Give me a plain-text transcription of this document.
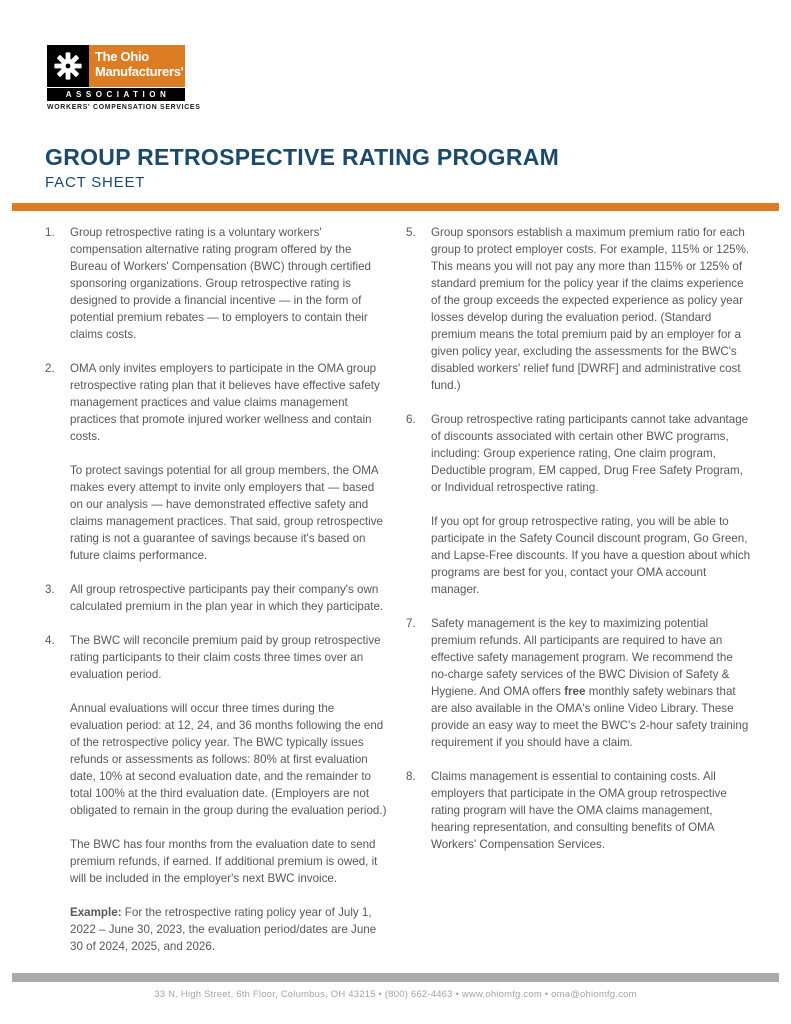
The Ohio
Manufacturers'
ASSOCIATION
WORKERS' COMPENSATION SERVICES
GROUP RETROSPECTIVE RATING PROGRAM
FACT SHEET
1.	Group retrospective rating is a voluntary workers' compensation alternative rating program offered by the Bureau of Workers' Compensation (BWC) through certified sponsoring organizations. Group retrospective rating is designed to provide a financial incentive — in the form of potential premium rebates — to employers to contain their claims costs.

2.	OMA only invites employers to participate in the OMA group retrospective rating plan that it believes have effective safety management practices and value claims management practices that promote injured worker wellness and contain costs.

To protect savings potential for all group members, the OMA makes every attempt to invite only employers that — based on our analysis — have demonstrated effective safety and claims management practices. That said, group retrospective rating is not a guarantee of savings because it's based on future claims performance.

3.	All group retrospective participants pay their company's own calculated premium in the plan year in which they participate.

4.	The BWC will reconcile premium paid by group retrospective rating participants to their claim costs three times over an evaluation period.

Annual evaluations will occur three times during the evaluation period: at 12, 24, and 36 months following the end of the retrospective policy year. The BWC typically issues refunds or assessments as follows: 80% at first evaluation date, 10% at second evaluation date, and the remainder to total 100% at the third evaluation date. (Employers are not obligated to remain in the group during the evaluation period.)

The BWC has four months from the evaluation date to send premium refunds, if earned. If additional premium is owed, it will be included in the employer's next BWC invoice.

Example: For the retrospective rating policy year of July 1, 2022 – June 30, 2023, the evaluation period/dates are June 30 of 2024, 2025, and 2026.

5.	Group sponsors establish a maximum premium ratio for each group to protect employer costs. For example, 115% or 125%. This means you will not pay any more than 115% or 125% of standard premium for the policy year if the claims experience of the group exceeds the expected experience as policy year losses develop during the evaluation period. (Standard premium means the total premium paid by an employer for a given policy year, excluding the assessments for the BWC's disabled workers' relief fund [DWRF] and administrative cost fund.)

6.	Group retrospective rating participants cannot take advantage of discounts associated with certain other BWC programs, including: Group experience rating, One claim program, Deductible program, EM capped, Drug Free Safety Program, or Individual retrospective rating.

If you opt for group retrospective rating, you will be able to participate in the Safety Council discount program, Go Green, and Lapse-Free discounts. If you have a question about which programs are best for you, contact your OMA account manager.

7.	Safety management is the key to maximizing potential premium refunds. All participants are required to have an effective safety management program. We recommend the no-charge safety services of the BWC Division of Safety & Hygiene. And OMA offers free monthly safety webinars that are also available in the OMA's online Video Library. These provide an easy way to meet the BWC's 2-hour safety training requirement if you should have a claim.

8.	Claims management is essential to containing costs. All employers that participate in the OMA group retrospective rating program will have the OMA claims management, hearing representation, and consulting benefits of OMA Workers' Compensation Services.

33 N. High Street, 6th Floor, Columbus, OH 43215 • (800) 662-4463 • www.ohiomfg.com • oma@ohiomfg.com
